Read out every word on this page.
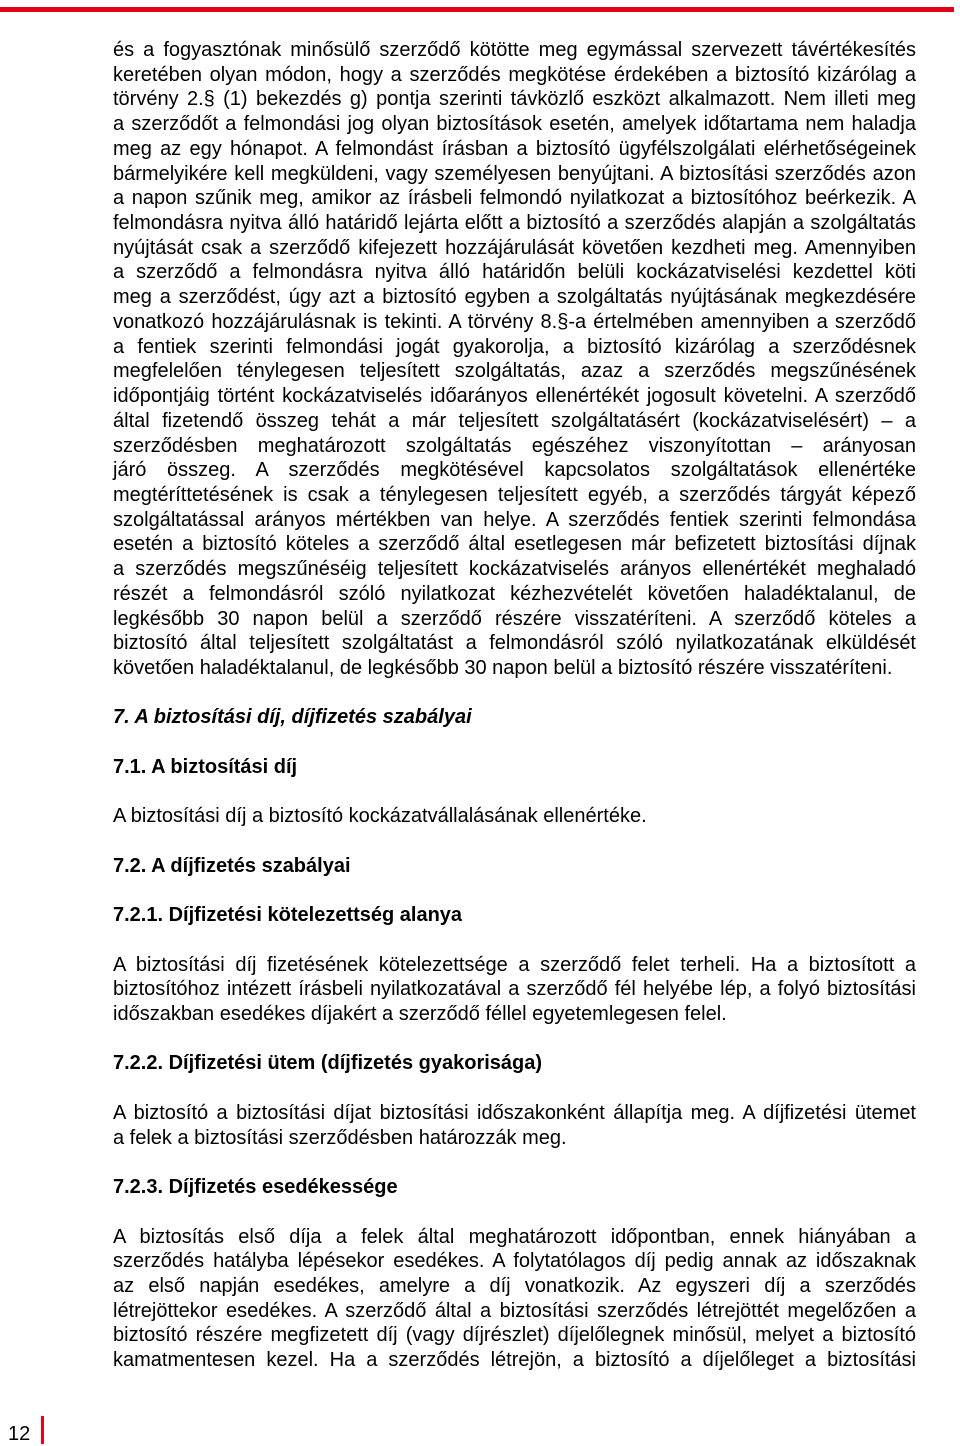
és a fogyasztónak minősülő szerződő kötötte meg egymással szervezett távértékesítés
keretében olyan módon, hogy a szerződés megkötése érdekében a biztosító kizárólag a
törvény 2.§ (1) bekezdés g) pontja szerinti távközlő eszközt alkalmazott. Nem illeti meg
a szerződőt a felmondási jog olyan biztosítások esetén, amelyek időtartama nem haladja
meg az egy hónapot. A felmondást írásban a biztosító ügyfélszolgálati elérhetőségeinek
bármelyikére kell megküldeni, vagy személyesen benyújtani. A biztosítási szerződés azon
a napon szűnik meg, amikor az írásbeli felmondó nyilatkozat a biztosítóhoz beérkezik. A
felmondásra nyitva álló határidő lejárta előtt a biztosító a szerződés alapján a szolgáltatás
nyújtását csak a szerződő kifejezett hozzájárulását követően kezdheti meg. Amennyiben
a szerződő a felmondásra nyitva álló határidőn belüli kockázatviselési kezdettel köti
meg a szerződést, úgy azt a biztosító egyben a szolgáltatás nyújtásának megkezdésére
vonatkozó hozzájárulásnak is tekinti. A törvény 8.§-a értelmében amennyiben a szerződő
a fentiek szerinti felmondási jogát gyakorolja, a biztosító kizárólag a szerződésnek
megfelelően ténylegesen teljesített szolgáltatás, azaz a szerződés megszűnésének
időpontjáig történt kockázatviselés időarányos ellenértékét jogosult követelni. A szerződő
által fizetendő összeg tehát a már teljesített szolgáltatásért (kockázatviselésért) – a
szerződésben meghatározott szolgáltatás egészéhez viszonyítottan – arányosan
járó összeg. A szerződés megkötésével kapcsolatos szolgáltatások ellenértéke
megtéríttetésének is csak a ténylegesen teljesített egyéb, a szerződés tárgyát képező
szolgáltatással arányos mértékben van helye. A szerződés fentiek szerinti felmondása
esetén a biztosító köteles a szerződő által esetlegesen már befizetett biztosítási díjnak
a szerződés megszűnéséig teljesített kockázatviselés arányos ellenértékét meghaladó
részét a felmondásról szóló nyilatkozat kézhezvételét követően haladéktalanul, de
legkésőbb 30 napon belül a szerződő részére visszatéríteni. A szerződő köteles a
biztosító által teljesített szolgáltatást a felmondásról szóló nyilatkozatának elküldését
követően haladéktalanul, de legkésőbb 30 napon belül a biztosító részére visszatéríteni.
7. A biztosítási díj, díjfizetés szabályai
7.1. A biztosítási díj
A biztosítási díj a biztosító kockázatvállalásának ellenértéke.
7.2. A díjfizetés szabályai
7.2.1. Díjfizetési kötelezettség alanya
A biztosítási díj fizetésének kötelezettsége a szerződő felet terheli. Ha a biztosított a
biztosítóhoz intézett írásbeli nyilatkozatával a szerződő fél helyébe lép, a folyó biztosítási
időszakban esedékes díjakért a szerződő féllel egyetemlegesen felel.
7.2.2. Díjfizetési ütem (díjfizetés gyakorisága)
A biztosító a biztosítási díjat biztosítási időszakonként állapítja meg. A díjfizetési ütemet
a felek a biztosítási szerződésben határozzák meg.
7.2.3. Díjfizetés esedékessége
A biztosítás első díja a felek által meghatározott időpontban, ennek hiányában a
szerződés hatályba lépésekor esedékes. A folytatólagos díj pedig annak az időszaknak
az első napján esedékes, amelyre a díj vonatkozik. Az egyszeri díj a szerződés
létrejöttekor esedékes. A szerződő által a biztosítási szerződés létrejöttét megelőzően a
biztosító részére megfizetett díj (vagy díjrészlet) díjelőlegnek minősül, melyet a biztosító
kamatmentesen kezel. Ha a szerződés létrejön, a biztosító a díjelőleget a biztosítási
12
